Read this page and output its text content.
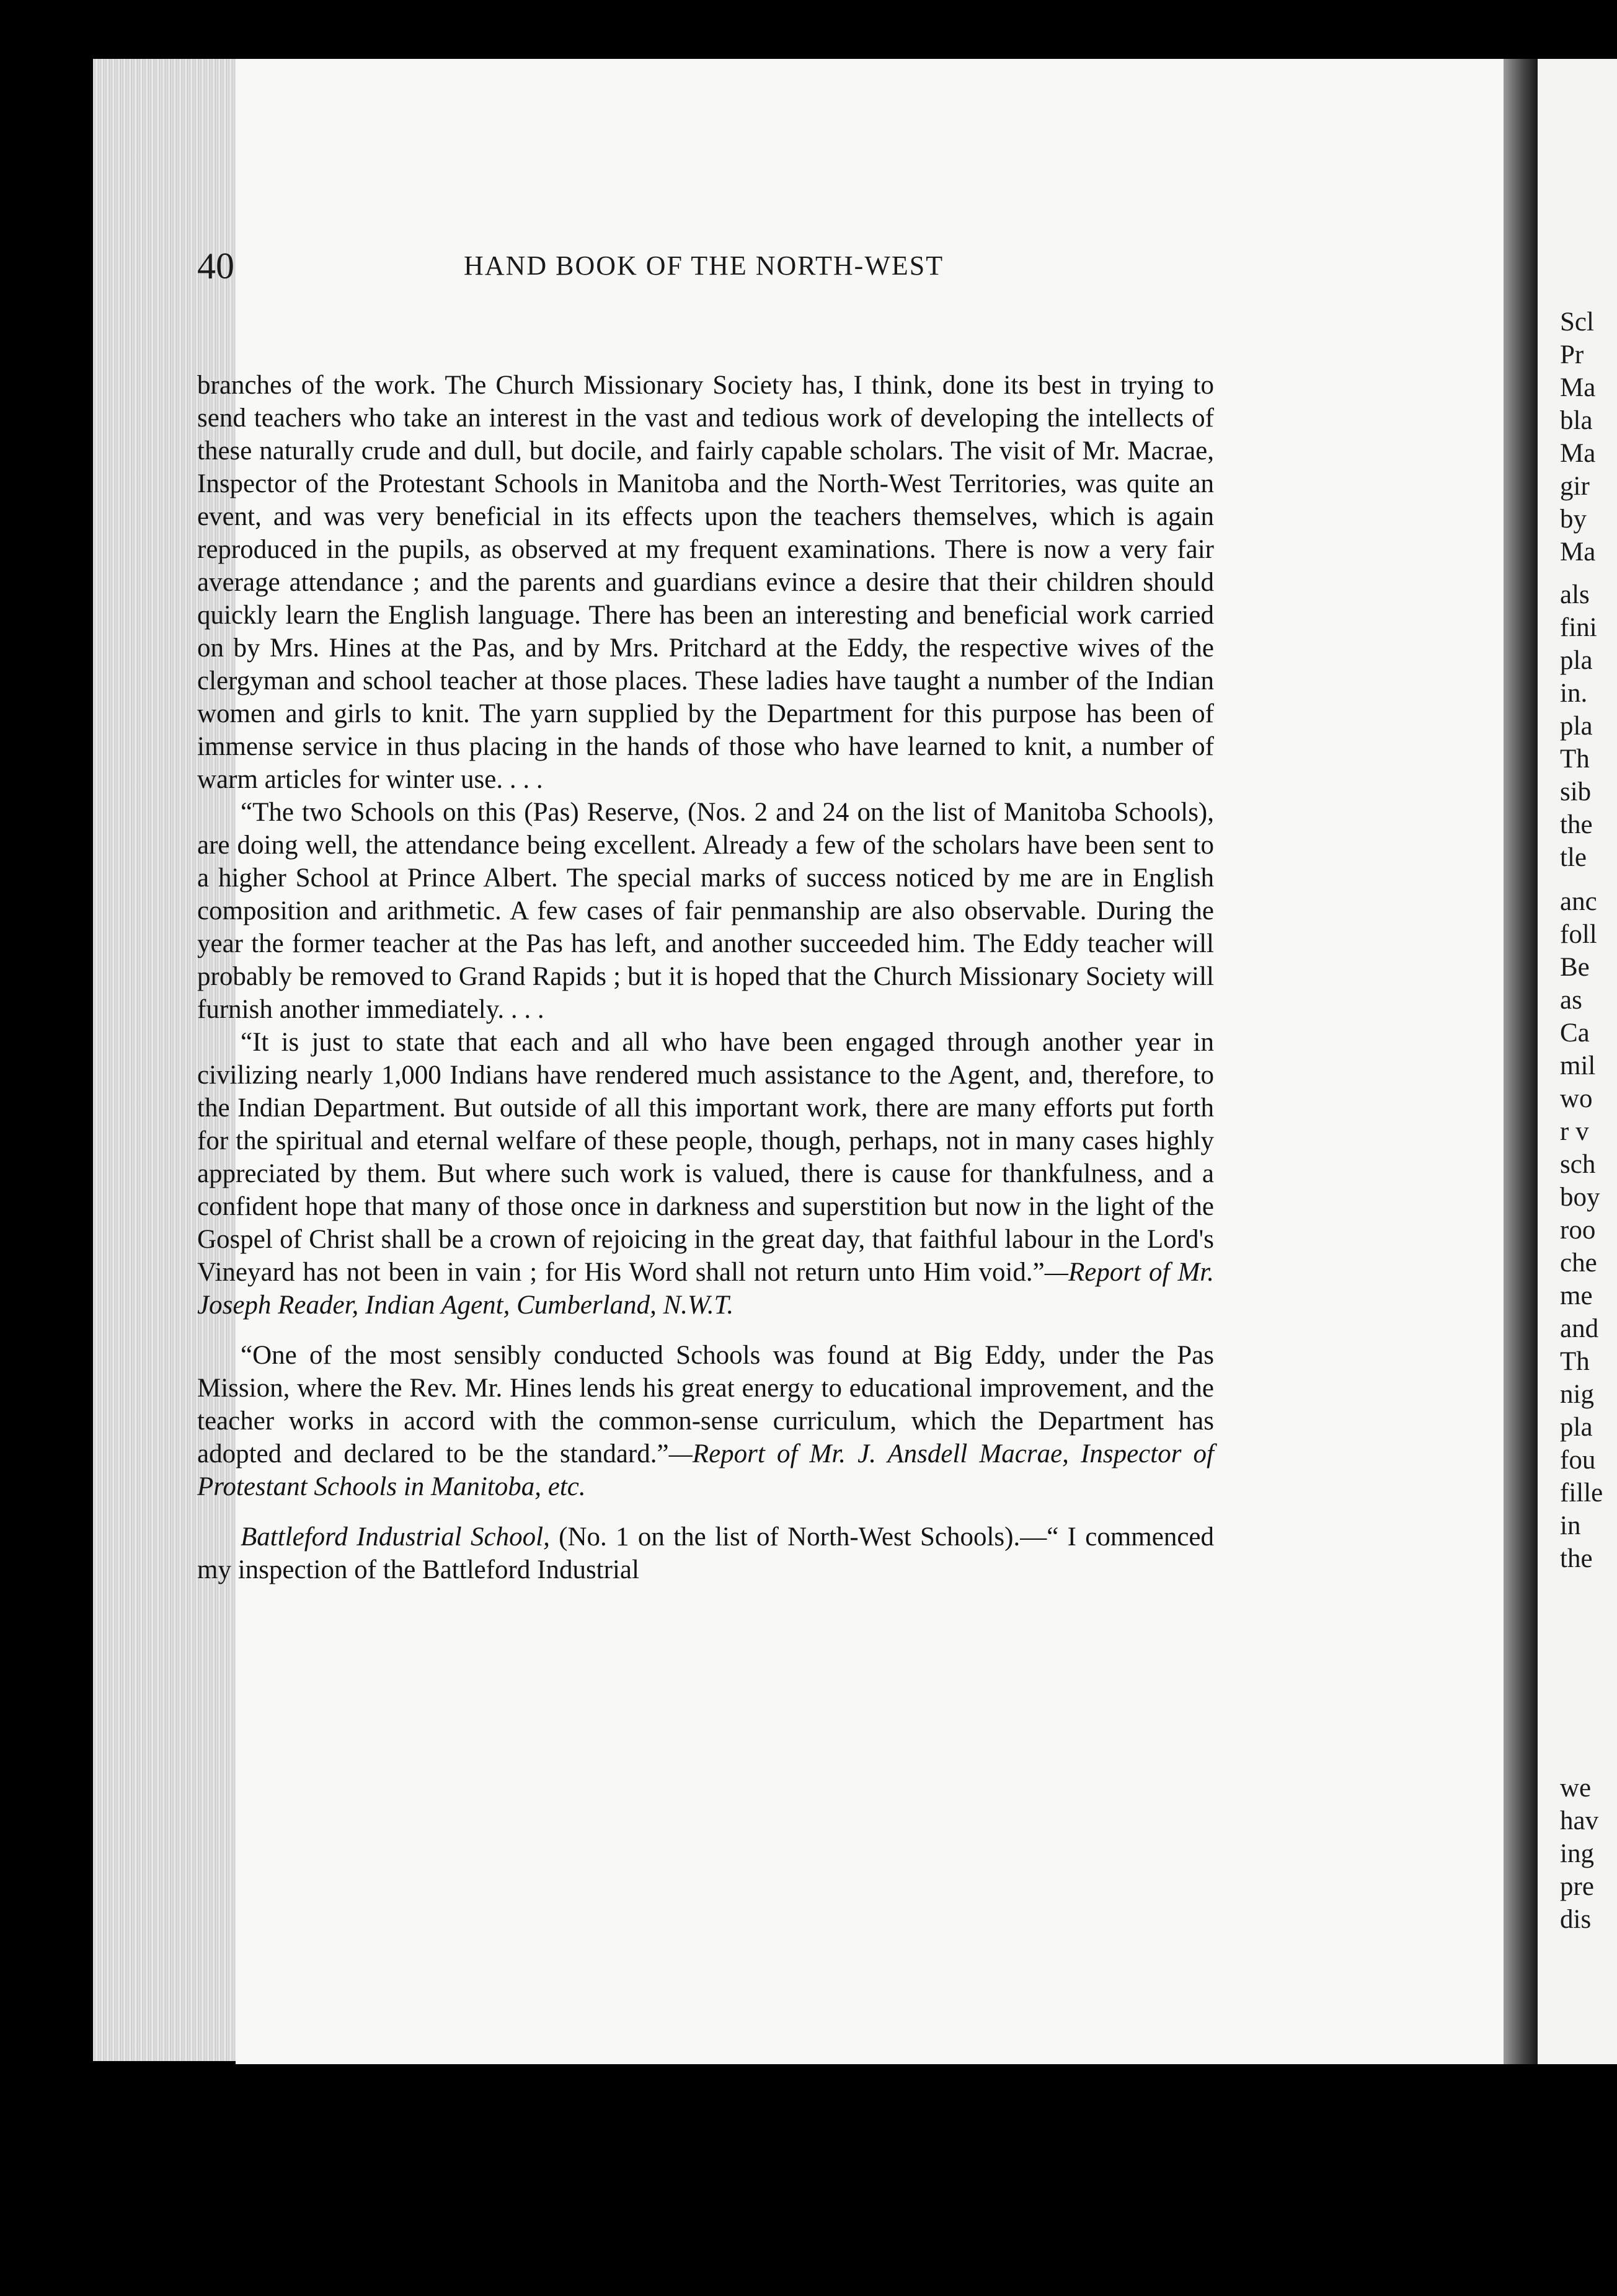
Scl
Pr
Ma
bla
Ma
gir
by
Ma
als
fini
pla
in.
pla
Th
sib
the
tle
anc
foll
Be
as
Ca
mil
wo
r v
sch
boy
roo
che
me
and
Th
nig
pla
fou
fille
in
the
we
hav
ing
pre
dis
40	HAND BOOK OF THE NORTH-WEST

branches of the work. The Church Missionary Society has, I think, done its best in trying to send teachers who take an interest in the vast and tedious work of developing the intellects of these naturally crude and dull, but docile, and fairly capable scholars. The visit of Mr. Macrae, Inspector of the Protestant Schools in Manitoba and the North-West Territories, was quite an event, and was very beneficial in its effects upon the teachers themselves, which is again reproduced in the pupils, as observed at my frequent examinations. There is now a very fair average attendance ; and the parents and guardians evince a desire that their children should quickly learn the English language. There has been an interesting and beneficial work carried on by Mrs. Hines at the Pas, and by Mrs. Pritchard at the Eddy, the respective wives of the clergyman and school teacher at those places. These ladies have taught a number of the Indian women and girls to knit. The yarn supplied by the Department for this purpose has been of immense service in thus placing in the hands of those who have learned to knit, a number of warm articles for winter use. . . .

“The two Schools on this (Pas) Reserve, (Nos. 2 and 24 on the list of Manitoba Schools), are doing well, the attendance being excellent. Already a few of the scholars have been sent to a higher School at Prince Albert. The special marks of success noticed by me are in English composition and arithmetic. A few cases of fair penmanship are also observable. During the year the former teacher at the Pas has left, and another succeeded him. The Eddy teacher will probably be removed to Grand Rapids ; but it is hoped that the Church Missionary Society will furnish another immediately. . . .

“It is just to state that each and all who have been engaged through another year in civilizing nearly 1,000 Indians have rendered much assistance to the Agent, and, therefore, to the Indian Department. But outside of all this important work, there are many efforts put forth for the spiritual and eternal welfare of these people, though, perhaps, not in many cases highly appreciated by them. But where such work is valued, there is cause for thankfulness, and a confident hope that many of those once in darkness and superstition but now in the light of the Gospel of Christ shall be a crown of rejoicing in the great day, that faithful labour in the Lord's Vineyard has not been in vain ; for His Word shall not return unto Him void.”—Report of Mr. Joseph Reader, Indian Agent, Cumberland, N.W.T.

“One of the most sensibly conducted Schools was found at Big Eddy, under the Pas Mission, where the Rev. Mr. Hines lends his great energy to educational improvement, and the teacher works in accord with the common-sense curriculum, which the Department has adopted and declared to be the standard.”—Report of Mr. J. Ansdell Macrae, Inspector of Protestant Schools in Manitoba, etc.

Battleford Industrial School, (No. 1 on the list of North-West Schools).—“ I commenced my inspection of the Battleford Industrial
